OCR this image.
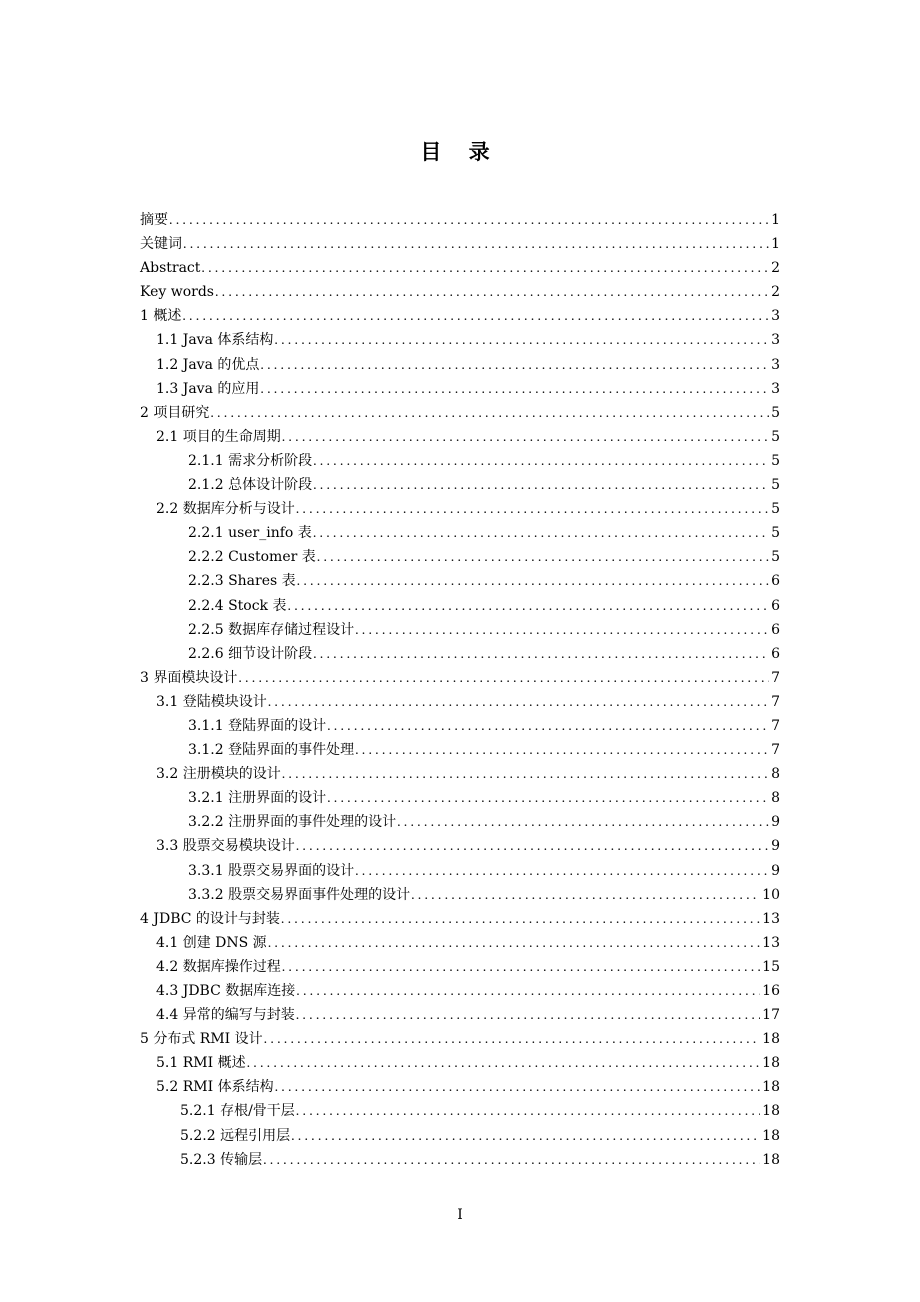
目 录
摘要 .....	1
关键词 .....	1
Abstract .....	2
Key words .....	2
1 概述 .....	3
1.1 Java 体系结构 .....	3
1.2 Java 的优点 .....	3
1.3 Java 的应用 .....	3
2 项目研究 .....	5
2.1 项目的生命周期 .....	5
2.1.1 需求分析阶段 .....	5
2.1.2 总体设计阶段 .....	5
2.2 数据库分析与设计 .....	5
2.2.1 user_info 表 .....	5
2.2.2 Customer 表 .....	5
2.2.3 Shares 表 .....	6
2.2.4 Stock 表 .....	6
2.2.5 数据库存储过程设计 .....	6
2.2.6 细节设计阶段 .....	6
3 界面模块设计 .....	7
3.1 登陆模块设计 .....	7
3.1.1 登陆界面的设计 .....	7
3.1.2 登陆界面的事件处理 .....	7
3.2 注册模块的设计 .....	8
3.2.1 注册界面的设计 .....	8
3.2.2 注册界面的事件处理的设计 .....	9
3.3 股票交易模块设计 .....	9
3.3.1 股票交易界面的设计 .....	9
3.3.2 股票交易界面事件处理的设计 .....	10
4 JDBC 的设计与封装 .....	13
4.1 创建 DNS 源 .....	13
4.2 数据库操作过程 .....	15
4.3 JDBC 数据库连接 .....	16
4.4 异常的编写与封装 .....	17
5 分布式 RMI 设计 .....	18
5.1 RMI 概述 .....	18
5.2 RMI 体系结构 .....	18
5.2.1 存根/骨干层 .....	18
5.2.2 远程引用层 .....	18
5.2.3 传输层 .....	18
I
